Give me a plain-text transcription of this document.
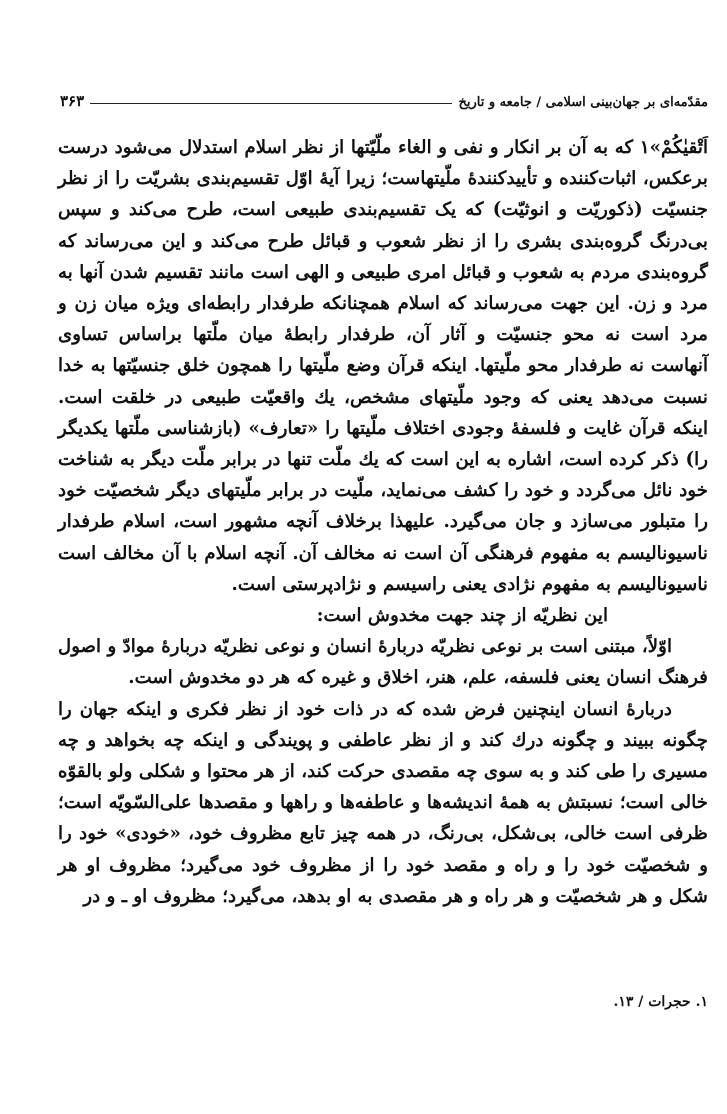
مقدّمه‌ای بر جهان‌بینی اسلامی / جامعه و تاریخ
۳۶۳

اَتْقیٰکُمْ»١ که به آن بر انکار و نفی و الغاء ملّیّتها از نظر اسلام استدلال می‌شود درست برعکس، اثبات‌کننده و تأییدکنندهٔ ملّیتهاست؛ زیرا آیهٔ اوّل تقسیم‌بندی بشریّت را از نظر جنسیّت (ذکوریّت و انوثیّت) که یک تقسیم‌بندی طبیعی است، طرح می‌کند و سپس بی‌درنگ گروه‌بندی بشری را از نظر شعوب و قبائل طرح می‌کند و این می‌رساند که گروه‌بندی مردم به شعوب و قبائل امری طبیعی و الهی است مانند تقسیم شدن آنها به مرد و زن. این جهت می‌رساند که اسلام همچنانکه طرفدار رابطه‌ای ویژه میان زن و مرد است نه محو جنسیّت و آثار آن، طرفدار رابطهٔ میان ملّتها براساس تساوی آنهاست نه طرفدار محو ملّیتها. اینکه قرآن وضع ملّیتها را همچون خلق جنسیّتها به خدا نسبت می‌دهد یعنی که وجود ملّیتهای مشخص، یك واقعیّت طبیعی در خلقت است. اینکه قرآن غایت و فلسفهٔ وجودی اختلاف ملّیتها را «تعارف» (بازشناسی ملّتها یکدیگر را) ذکر کرده است، اشاره به این است که یك ملّت تنها در برابر ملّت دیگر به شناخت خود نائل می‌گردد و خود را کشف می‌نماید، ملّیت در برابر ملّیتهای دیگر شخصیّت خود را متبلور می‌سازد و جان می‌گیرد. علیهذا برخلاف آنچه مشهور است، اسلام طرفدار ناسیونالیسم به مفهوم فرهنگی آن است نه مخالف آن. آنچه اسلام با آن مخالف است ناسیونالیسم به مفهوم نژادی یعنی راسیسم و نژادپرستی است.

این نظریّه از چند جهت مخدوش است:

اوّلاً، مبتنی است بر نوعی نظریّه دربارهٔ انسان و نوعی نظریّه دربارهٔ موادّ و اصول فرهنگ انسان یعنی فلسفه، علم، هنر، اخلاق و غیره که هر دو مخدوش است.

دربارهٔ انسان اینچنین فرض شده که در ذات خود از نظر فکری و اینکه جهان را چگونه ببیند و چگونه درك کند و از نظر عاطفی و پویندگی و اینکه چه بخواهد و چه مسیری را طی کند و به سوی چه مقصدی حرکت کند، از هر محتوا و شکلی ولو بالقوّه خالی است؛ نسبتش به همهٔ اندیشه‌ها و عاطفه‌ها و راهها و مقصدها علی‌السّویّه است؛ ظرفی است خالی، بی‌شکل، بی‌رنگ، در همه چیز تابع مظروف خود، «خودی» خود را و شخصیّت خود را و راه و مقصد خود را از مظروف خود می‌گیرد؛ مظروف او هر شکل و هر شخصیّت و هر راه و هر مقصدی به او بدهد، می‌گیرد؛ مظروف او ـ و در

١. حجرات / ١٣.
